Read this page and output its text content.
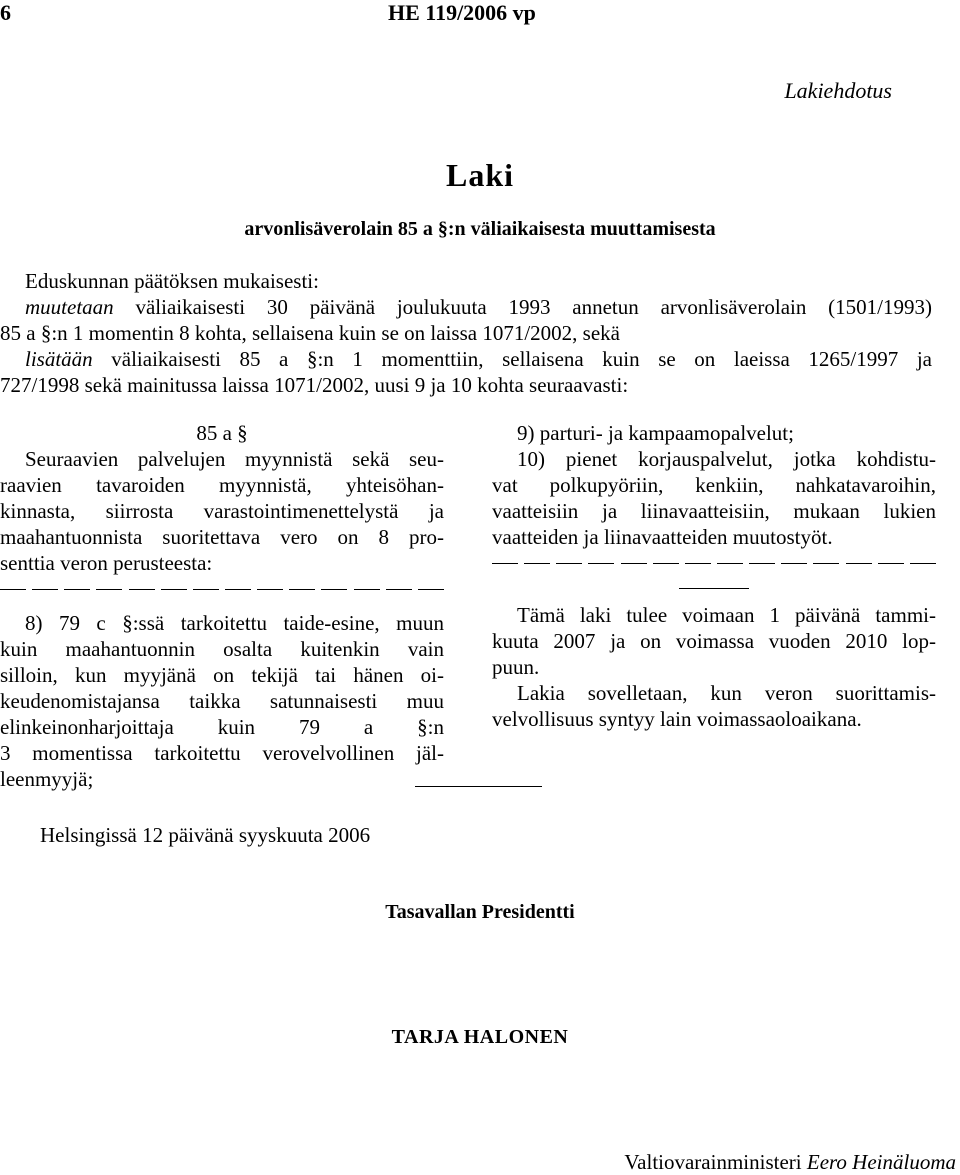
6	HE 119/2006 vp
Lakiehdotus
Laki
arvonlisäverolain 85 a §:n väliaikaisesta muuttamisesta
Eduskunnan päätöksen mukaisesti:
muutetaan väliaikaisesti 30 päivänä joulukuuta 1993 annetun arvonlisäverolain (1501/1993)
85 a §:n 1 momentin 8 kohta, sellaisena kuin se on laissa 1071/2002, sekä
lisätään väliaikaisesti 85 a §:n 1 momenttiin, sellaisena kuin se on laeissa 1265/1997 ja
727/1998 sekä mainitussa laissa 1071/2002, uusi 9 ja 10 kohta seuraavasti:
85 a §

Seuraavien palvelujen myynnistä sekä seu-

raavien tavaroiden myynnistä, yhteisöhan-
kinnasta, siirrosta varastointimenettelystä ja
maahantuonnista suoritettava vero on 8 pro-
senttia veron perusteesta:

8) 79 c §:ssä tarkoitettu taide-esine, muun

kuin maahantuonnin osalta kuitenkin vain
silloin, kun myyjänä on tekijä tai hänen oi-
keudenomistajansa taikka satunnaisesti muu
elinkeinonharjoittaja kuin 79 a §:n
3 momentissa tarkoitettu verovelvollinen jäl-
leenmyyjä;
9) parturi- ja kampaamopalvelut;

10) pienet korjauspalvelut, jotka kohdistu-

vat polkupyöriin, kenkiin, nahkatavaroihin,
vaatteisiin ja liinavaatteisiin, mukaan lukien
vaatteiden ja liinavaatteiden muutostyöt.

Tämä laki tulee voimaan 1 päivänä tammi-

kuuta 2007 ja on voimassa vuoden 2010 lop-
puun.

Lakia sovelletaan, kun veron suorittamis-

velvollisuus syntyy lain voimassaoloaikana.
Helsingissä 12 päivänä syyskuuta 2006
Tasavallan Presidentti
TARJA HALONEN
Valtiovarainministeri Eero Heinäluoma
